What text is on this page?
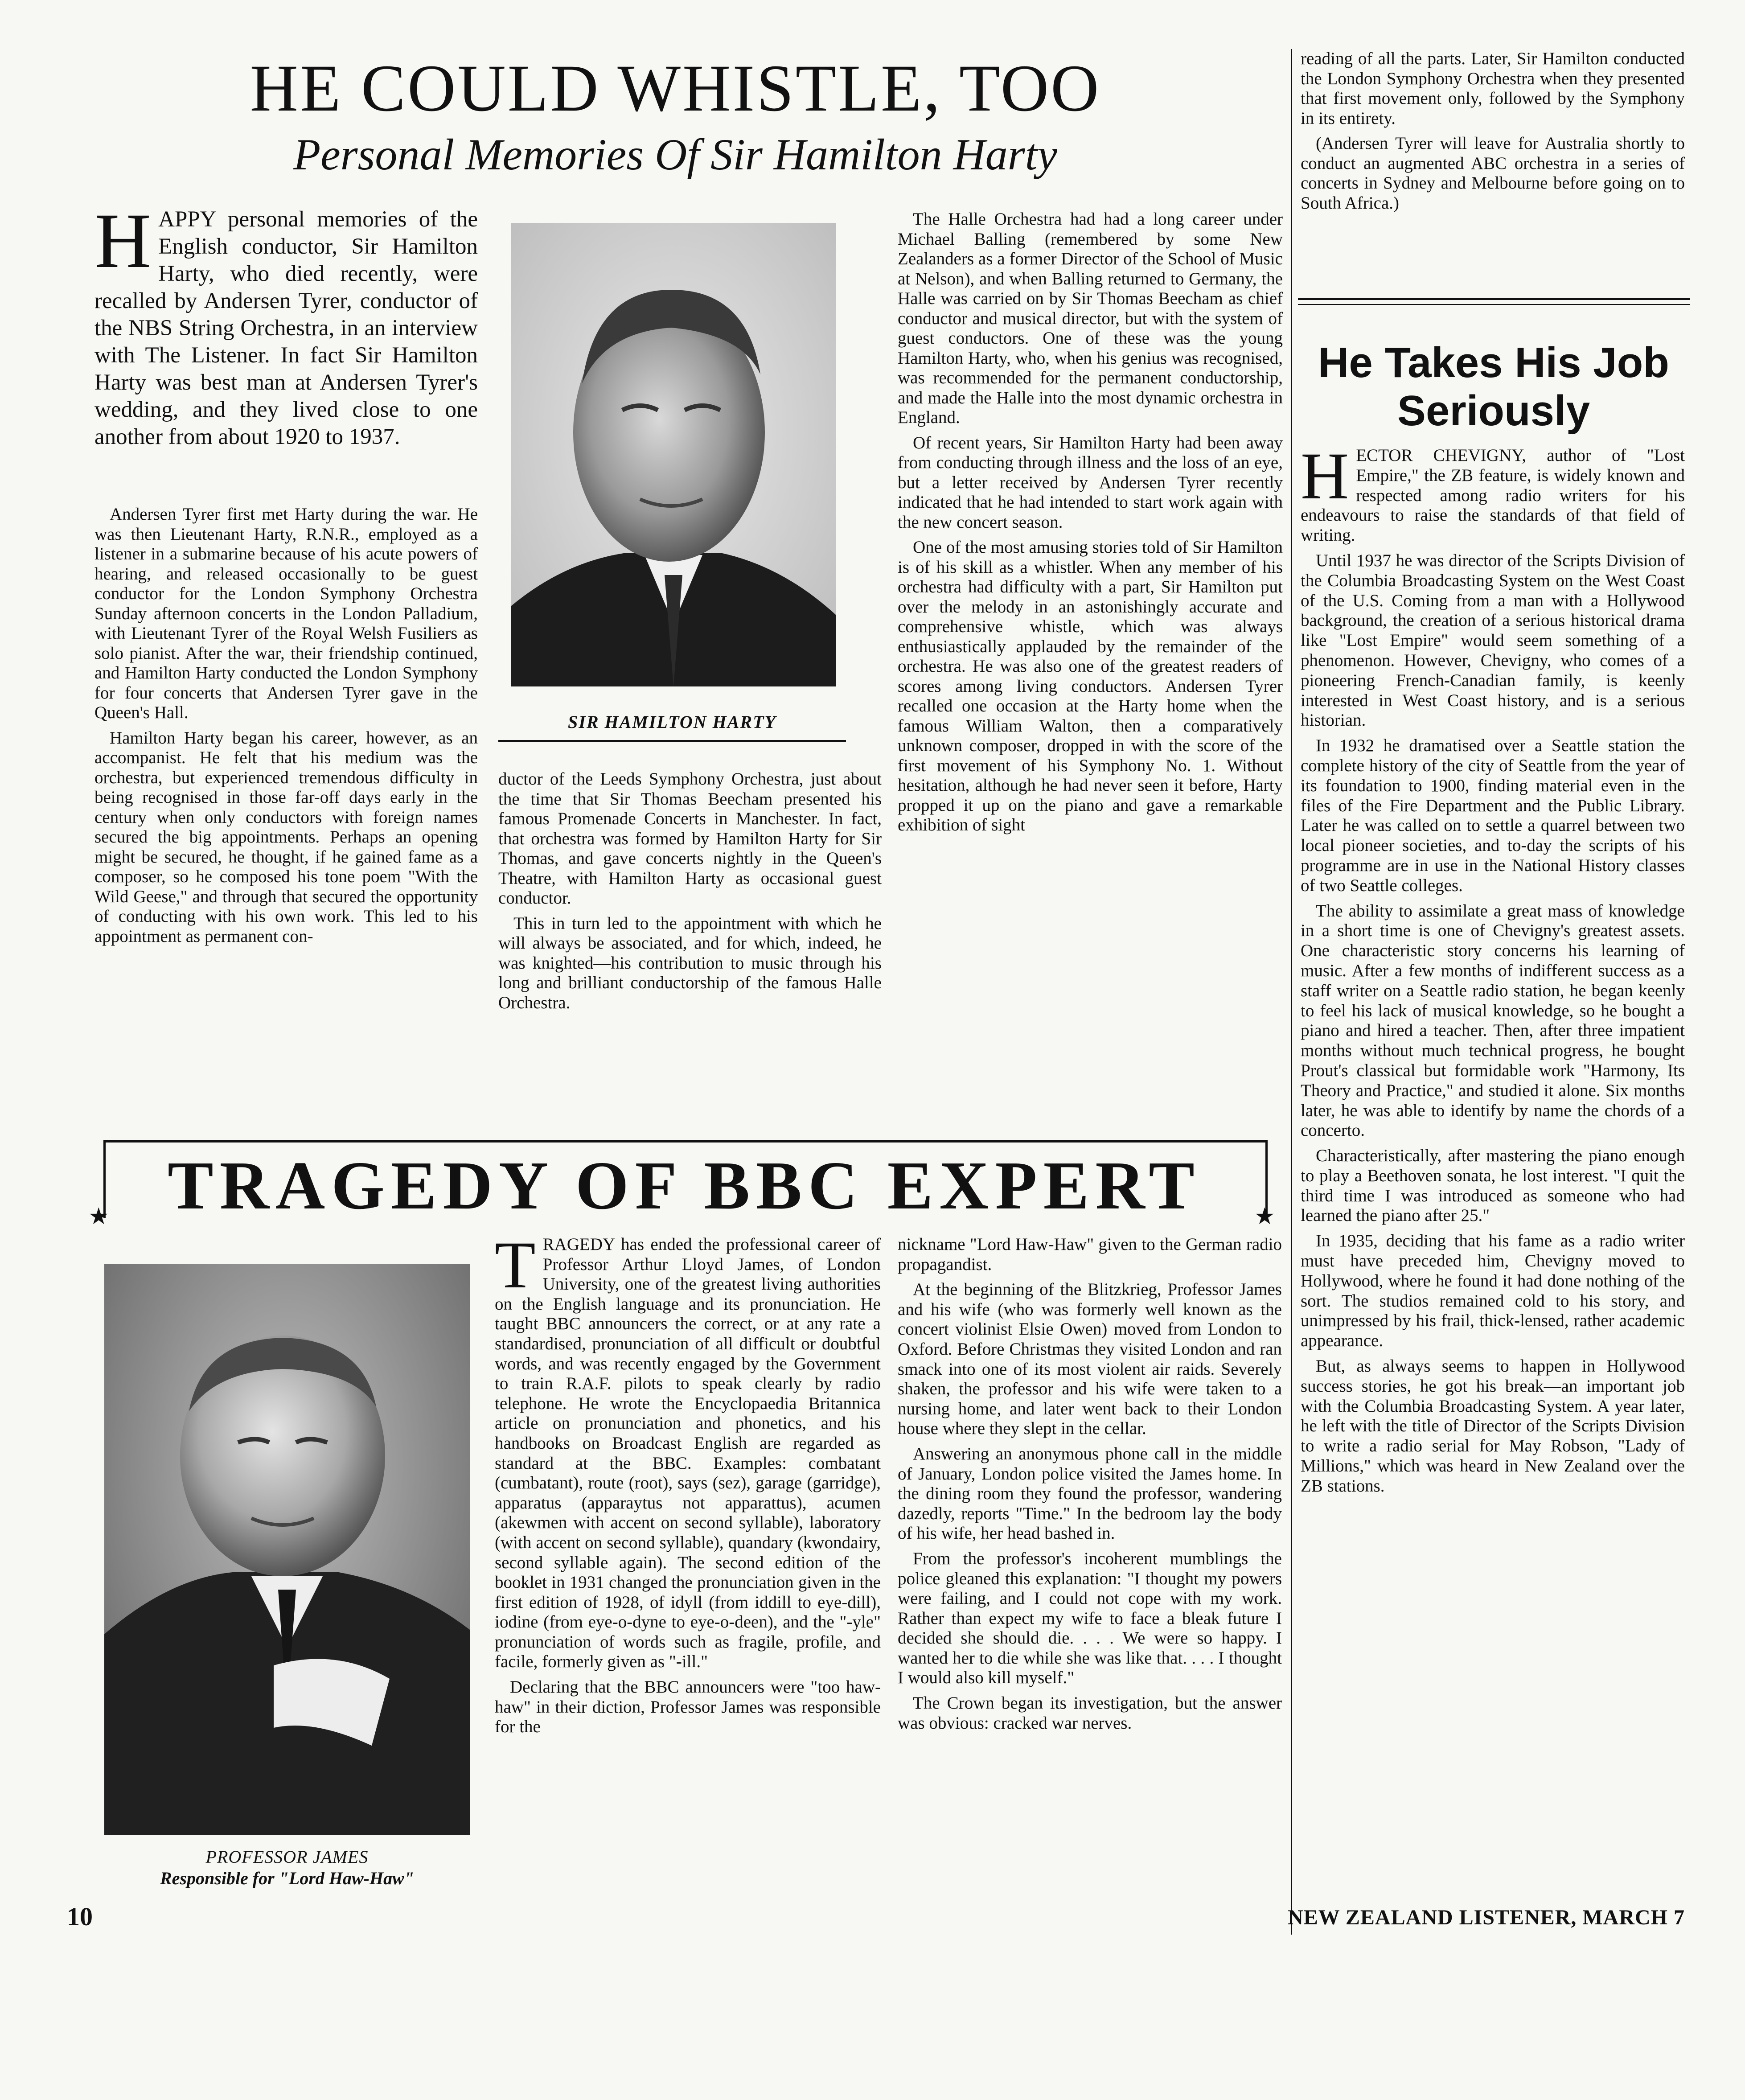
HE COULD WHISTLE, TOO
Personal Memories Of Sir Hamilton Harty
HAPPY personal memories of the English conductor, Sir Hamilton Harty, who died recently, were recalled by Andersen Tyrer, conductor of the NBS String Orchestra, in an interview with The Listener. In fact Sir Hamilton Harty was best man at Andersen Tyrer's wedding, and they lived close to one another from about 1920 to 1937.

Andersen Tyrer first met Harty during the war. He was then Lieutenant Harty, R.N.R., employed as a listener in a submarine because of his acute powers of hearing, and released occasionally to be guest conductor for the London Symphony Orchestra Sunday afternoon concerts in the London Palladium, with Lieutenant Tyrer of the Royal Welsh Fusiliers as solo pianist. After the war, their friendship continued, and Hamilton Harty conducted the London Symphony for four concerts that Andersen Tyrer gave in the Queen's Hall.

Hamilton Harty began his career, however, as an accompanist. He felt that his medium was the orchestra, but experienced tremendous difficulty in being recognised in those far-off days early in the century when only conductors with foreign names secured the big appointments. Perhaps an opening might be secured, he thought, if he gained fame as a composer, so he composed his tone poem "With the Wild Geese," and through that secured the opportunity of conducting with his own work. This led to his appointment as permanent con-

SIR HAMILTON HARTY

ductor of the Leeds Symphony Orchestra, just about the time that Sir Thomas Beecham presented his famous Promenade Concerts in Manchester. In fact, that orchestra was formed by Hamilton Harty for Sir Thomas, and gave concerts nightly in the Queen's Theatre, with Hamilton Harty as occasional guest conductor.

This in turn led to the appointment with which he will always be associated, and for which, indeed, he was knighted—his contribution to music through his long and brilliant conductorship of the famous Halle Orchestra.

The Halle Orchestra had had a long career under Michael Balling (remembered by some New Zealanders as a former Director of the School of Music at Nelson), and when Balling returned to Germany, the Halle was carried on by Sir Thomas Beecham as chief conductor and musical director, but with the system of guest conductors. One of these was the young Hamilton Harty, who, when his genius was recognised, was recommended for the permanent conductorship, and made the Halle into the most dynamic orchestra in England.

Of recent years, Sir Hamilton Harty had been away from conducting through illness and the loss of an eye, but a letter received by Andersen Tyrer recently indicated that he had intended to start work again with the new concert season.

One of the most amusing stories told of Sir Hamilton is of his skill as a whistler. When any member of his orchestra had difficulty with a part, Sir Hamilton put over the melody in an astonishingly accurate and comprehensive whistle, which was always enthusiastically applauded by the remainder of the orchestra. He was also one of the greatest readers of scores among living conductors. Andersen Tyrer recalled one occasion at the Harty home when the famous William Walton, then a comparatively unknown composer, dropped in with the score of the first movement of his Symphony No. 1. Without hesitation, although he had never seen it before, Harty propped it up on the piano and gave a remarkable exhibition of sight

reading of all the parts. Later, Sir Hamilton conducted the London Symphony Orchestra when they presented that first movement only, followed by the Symphony in its entirety.

(Andersen Tyrer will leave for Australia shortly to conduct an augmented ABC orchestra in a series of concerts in Sydney and Melbourne before going on to South Africa.)

He Takes His Job Seriously

HECTOR CHEVIGNY, author of "Lost Empire," the ZB feature, is widely known and respected among radio writers for his endeavours to raise the standards of that field of writing.

Until 1937 he was director of the Scripts Division of the Columbia Broadcasting System on the West Coast of the U.S. Coming from a man with a Hollywood background, the creation of a serious historical drama like "Lost Empire" would seem something of a phenomenon. However, Chevigny, who comes of a pioneering French-Canadian family, is keenly interested in West Coast history, and is a serious historian.

In 1932 he dramatised over a Seattle station the complete history of the city of Seattle from the year of its foundation to 1900, finding material even in the files of the Fire Department and the Public Library. Later he was called on to settle a quarrel between two local pioneer societies, and to-day the scripts of his programme are in use in the National History classes of two Seattle colleges.

The ability to assimilate a great mass of knowledge in a short time is one of Chevigny's greatest assets. One characteristic story concerns his learning of music. After a few months of indifferent success as a staff writer on a Seattle radio station, he began keenly to feel his lack of musical knowledge, so he bought a piano and hired a teacher. Then, after three impatient months without much technical progress, he bought Prout's classical but formidable work "Harmony, Its Theory and Practice," and studied it alone. Six months later, he was able to identify by name the chords of a concerto.

Characteristically, after mastering the piano enough to play a Beethoven sonata, he lost interest. "I quit the third time I was introduced as someone who had learned the piano after 25."

In 1935, deciding that his fame as a radio writer must have preceded him, Chevigny moved to Hollywood, where he found it had done nothing of the sort. The studios remained cold to his story, and unimpressed by his frail, thick-lensed, rather academic appearance.

But, as always seems to happen in Hollywood success stories, he got his break—an important job with the Columbia Broadcasting System. A year later, he left with the title of Director of the Scripts Division to write a radio serial for May Robson, "Lady of Millions," which was heard in New Zealand over the ZB stations.

★	★
TRAGEDY OF BBC EXPERT
PROFESSOR JAMES
Responsible for "Lord Haw-Haw"

TRAGEDY has ended the professional career of Professor Arthur Lloyd James, of London University, one of the greatest living authorities on the English language and its pronunciation. He taught BBC announcers the correct, or at any rate a standardised, pronunciation of all difficult or doubtful words, and was recently engaged by the Government to train R.A.F. pilots to speak clearly by radio telephone. He wrote the Encyclopaedia Britannica article on pronunciation and phonetics, and his handbooks on Broadcast English are regarded as standard at the BBC. Examples: combatant (cumbatant), route (root), says (sez), garage (garridge), apparatus (apparaytus not apparattus), acumen (akewmen with accent on second syllable), laboratory (with accent on second syllable), quandary (kwondairy, second syllable again). The second edition of the booklet in 1931 changed the pronunciation given in the first edition of 1928, of idyll (from iddill to eye-dill), iodine (from eye-o-dyne to eye-o-deen), and the "-yle" pronunciation of words such as fragile, profile, and facile, formerly given as "-ill."

Declaring that the BBC announcers were "too haw-haw" in their diction, Professor James was responsible for the

nickname "Lord Haw-Haw" given to the German radio propagandist.

At the beginning of the Blitzkrieg, Professor James and his wife (who was formerly well known as the concert violinist Elsie Owen) moved from London to Oxford. Before Christmas they visited London and ran smack into one of its most violent air raids. Severely shaken, the professor and his wife were taken to a nursing home, and later went back to their London house where they slept in the cellar.

Answering an anonymous phone call in the middle of January, London police visited the James home. In the dining room they found the professor, wandering dazedly, reports "Time." In the bedroom lay the body of his wife, her head bashed in.

From the professor's incoherent mumblings the police gleaned this explanation: "I thought my powers were failing, and I could not cope with my work. Rather than expect my wife to face a bleak future I decided she should die. . . . We were so happy. I wanted her to die while she was like that. . . . I thought I would also kill myself."

The Crown began its investigation, but the answer was obvious: cracked war nerves.

10	NEW ZEALAND LISTENER, MARCH 7
